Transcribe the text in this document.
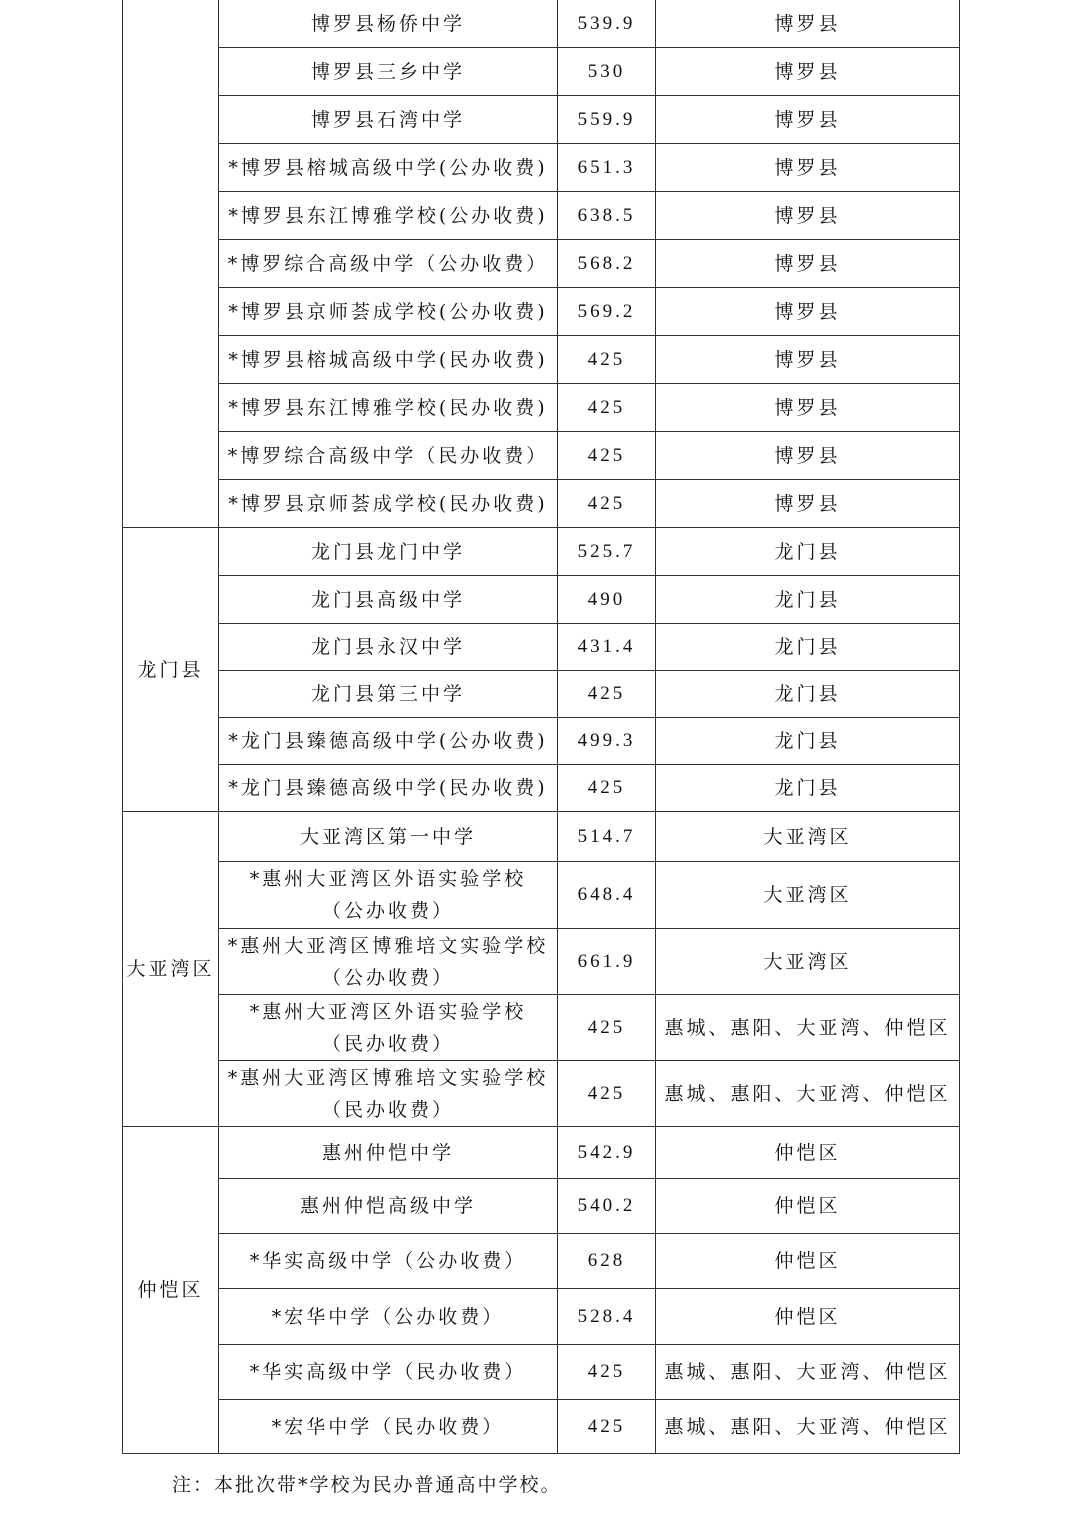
	博罗县杨侨中学	539.9	博罗县

	博罗县三乡中学	530	博罗县

	博罗县石湾中学	559.9	博罗县

	*博罗县榕城高级中学(公办收费)	651.3	博罗县

	*博罗县东江博雅学校(公办收费)	638.5	博罗县

	*博罗综合高级中学（公办收费）	568.2	博罗县

	*博罗县京师荟成学校(公办收费)	569.2	博罗县

	*博罗县榕城高级中学(民办收费)	425	博罗县

	*博罗县东江博雅学校(民办收费)	425	博罗县

	*博罗综合高级中学（民办收费）	425	博罗县

	*博罗县京师荟成学校(民办收费)	425	博罗县
龙门县	龙门县龙门中学	525.7	龙门县

	龙门县高级中学	490	龙门县

	龙门县永汉中学	431.4	龙门县

	龙门县第三中学	425	龙门县

	*龙门县臻德高级中学(公办收费)	499.3	龙门县

	*龙门县臻德高级中学(民办收费)	425	龙门县
大亚湾区	大亚湾区第一中学	514.7	大亚湾区

	*惠州大亚湾区外语实验学校
（公办收费）	648.4	大亚湾区

	*惠州大亚湾区博雅培文实验学校
（公办收费）	661.9	大亚湾区

	*惠州大亚湾区外语实验学校
（民办收费）	425	惠城、惠阳、大亚湾、仲恺区

	*惠州大亚湾区博雅培文实验学校
（民办收费）	425	惠城、惠阳、大亚湾、仲恺区
仲恺区	惠州仲恺中学	542.9	仲恺区

	惠州仲恺高级中学	540.2	仲恺区

	*华实高级中学（公办收费）	628	仲恺区

	*宏华中学（公办收费）	528.4	仲恺区

	*华实高级中学（民办收费）	425	惠城、惠阳、大亚湾、仲恺区

	*宏华中学（民办收费）	425	惠城、惠阳、大亚湾、仲恺区
注：本批次带*学校为民办普通高中学校。
